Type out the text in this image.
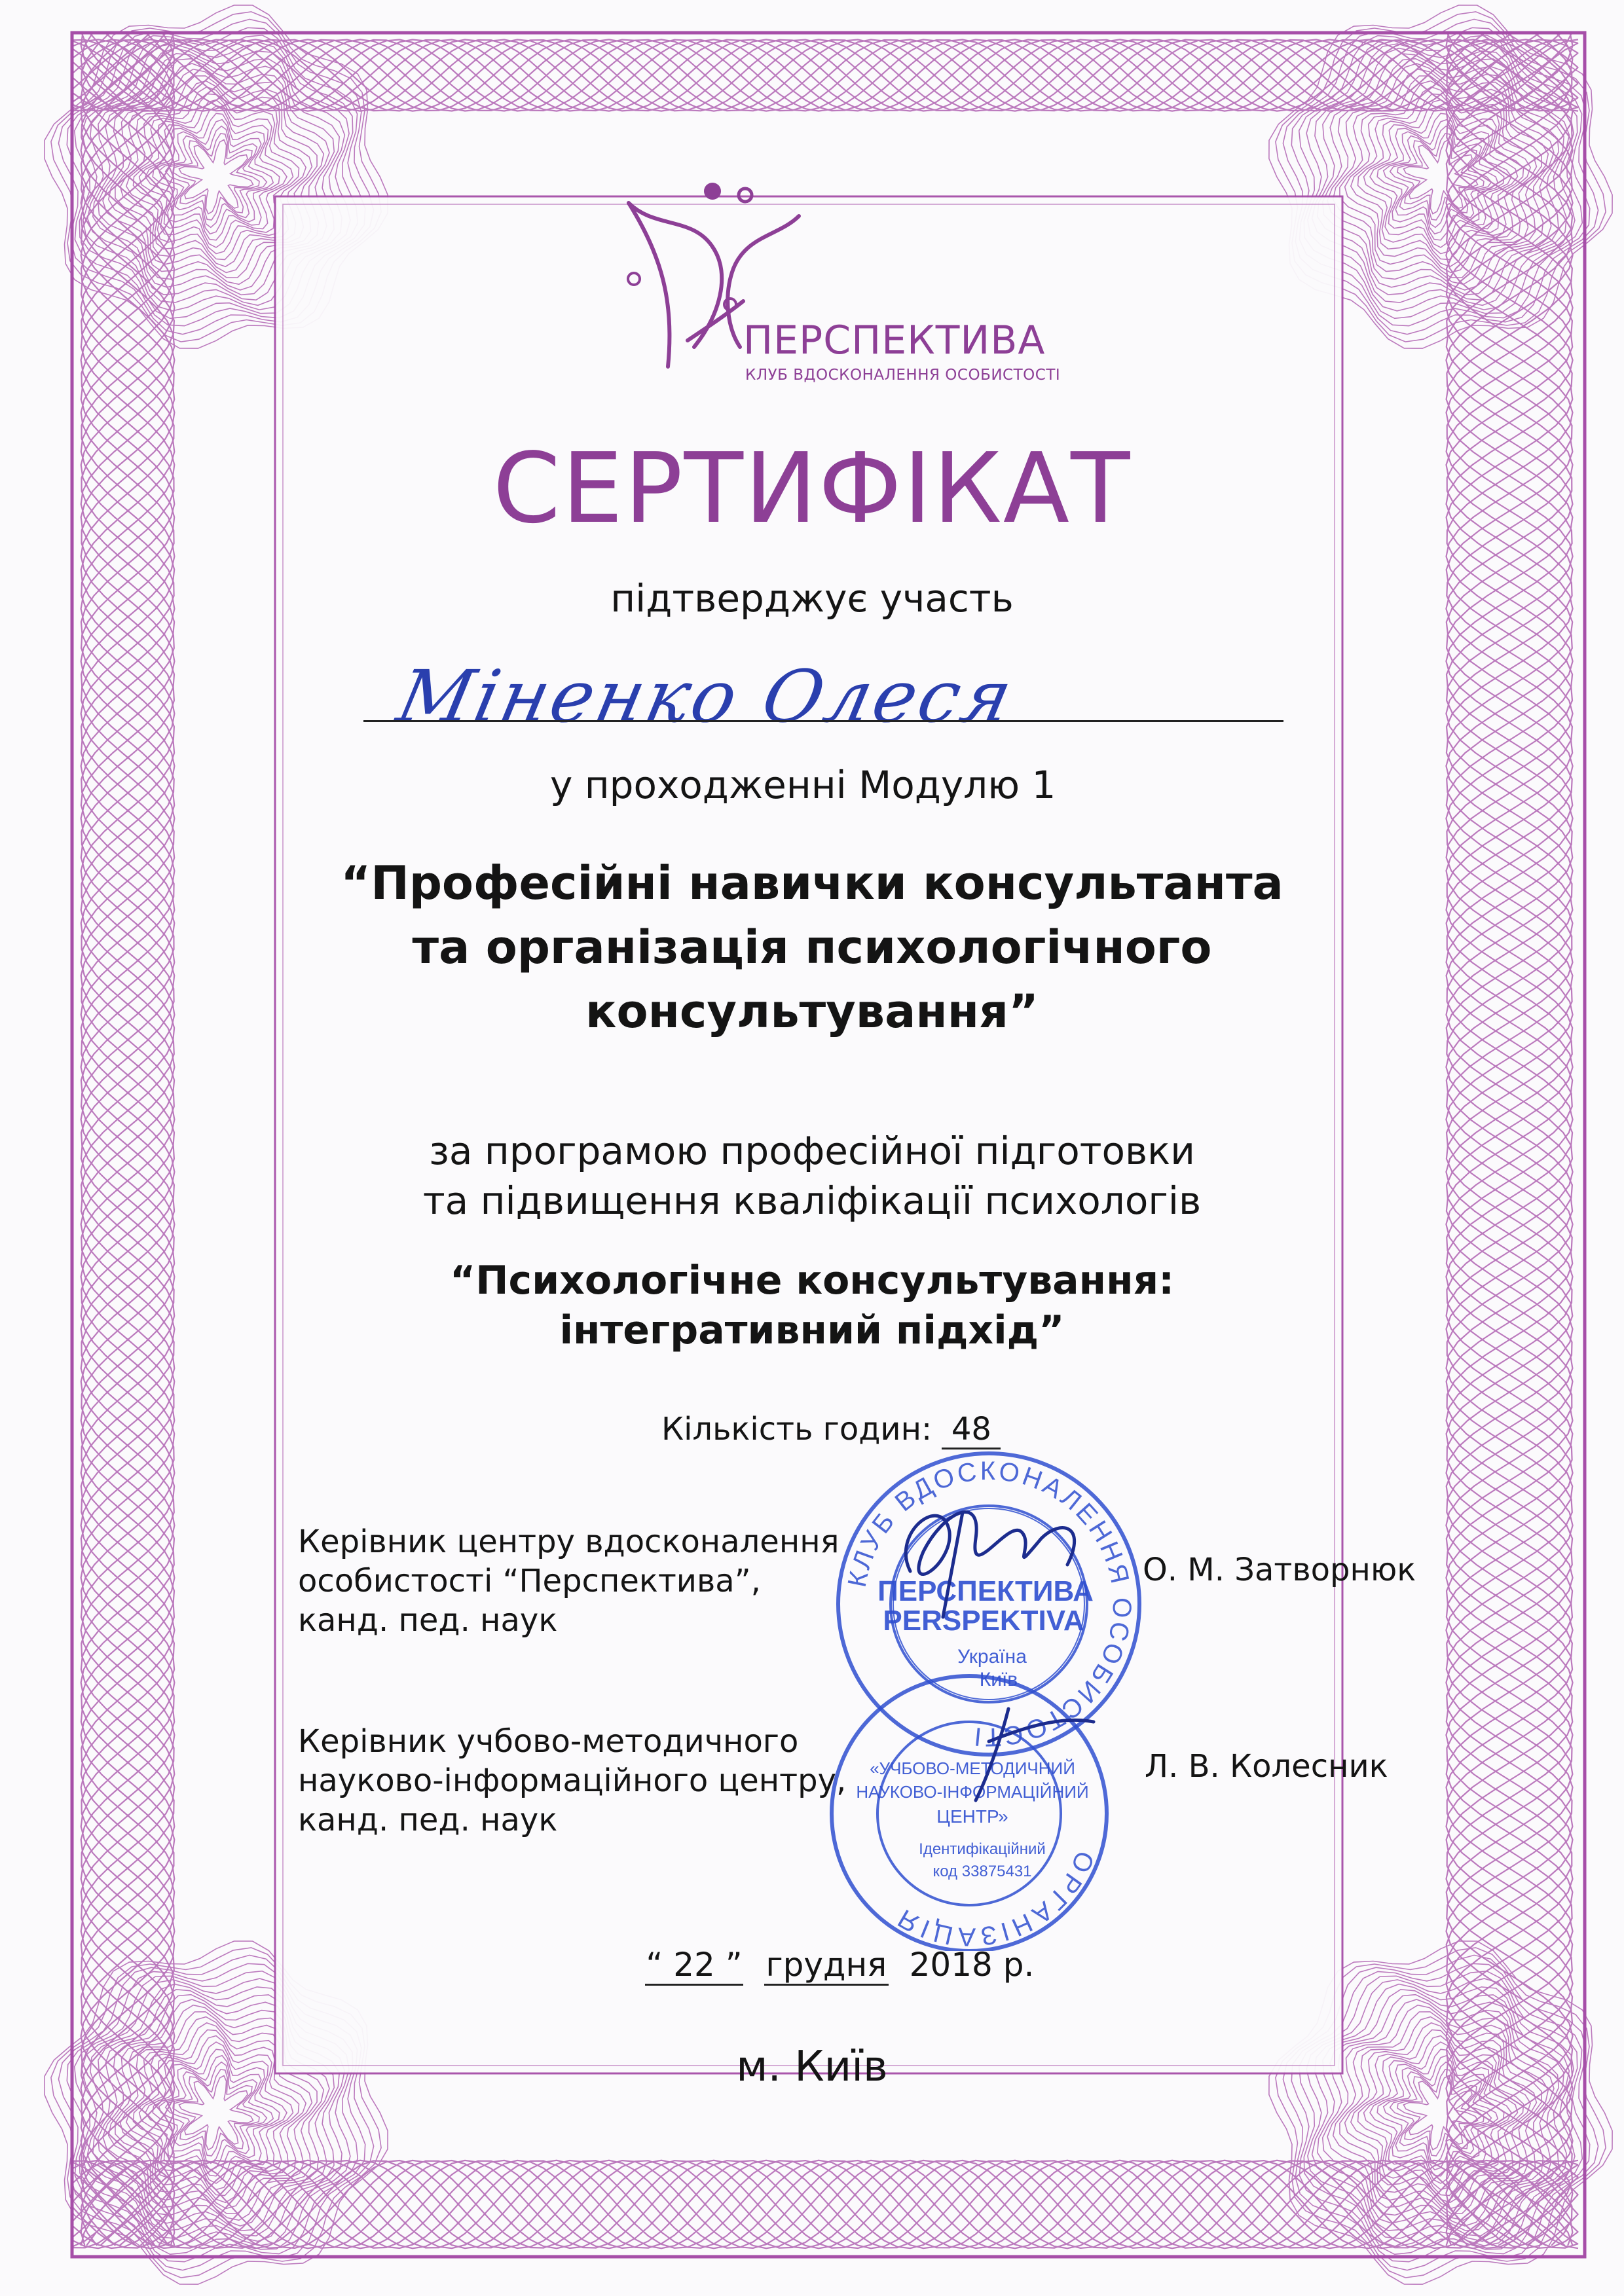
ПЕРСПЕКТИВА
КЛУБ ВДОСКОНАЛЕННЯ ОСОБИСТОСТІ
СЕРТИФІКАТ
підтверджує участь
Міненко Олеся
у проходженні Модулю 1
“Професійні навички консультанта
та організація психологічного
консультування”
за програмою професійної підготовки
та підвищення кваліфікації психологів
“Психологічне консультування:
інтегративний підхід”
Кількість годин: 48
КЛУБ ВДОСКОНАЛЕННЯ ОСОБИСТОСТІ
ПЕРСПЕКТИВА
PERSPEKTIVA
Україна
Київ
ОРГАНІЗАЦІЯ
«УЧБОВО-МЕТОДИЧНИЙ
НАУКОВО-ІНФОРМАЦІЙНИЙ
ЦЕНТР»
Ідентифікаційний
код 33875431
Керівник центру вдосконалення
особистості “Перспектива”,
канд. пед. наук
О. М. Затворнюк
Керівник учбово-методичного
науково-інформаційного центру,
канд. пед. наук
Л. В. Колесник
“ 22 ” грудня 2018 р.
м. Київ
